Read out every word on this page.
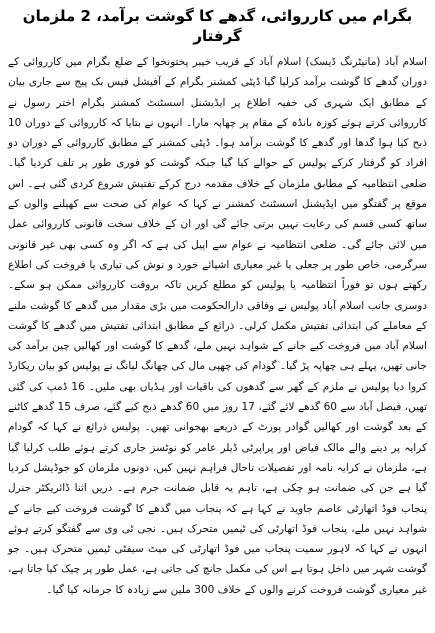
بگرام میں کارروائی، گدھے کا گوشت برآمد، 2 ملزمان گرفتار

اسلام آباد (مانیٹرنگ ڈیسک) اسلام آباد کے قریب خیبر پختونخوا کے ضلع بگرام میں کارروائی کے دوران گدھے کا گوشت برآمد کرلیا گیا ڈپٹی کمشنر بگرام کے آفیشل فیس بک پیج سے جاری بیان کے مطابق ایک شہری کی خفیہ اطلاع پر ایڈیشنل اسسٹنٹ کمشنر بگرام اختر رسول نے کارروائی کرتے ہوئے کوزہ بانڈہ کے مقام پر چھاپہ مارا۔ انہوں نے بتایا کہ کارروائی کے دوران 10 ذبح کیا ہوا گدھا اور گدھے کا گوشت برآمد ہوا۔ ڈپٹی کمشنر کے مطابق کارروائی کے دوران دو افراد کو گرفتار کرکے پولیس کے حوالے کیا گیا جبکہ گوشت کو فوری طور پر تلف کردیا گیا۔ ضلعی انتظامیہ کے مطابق ملزمان کے خلاف مقدمہ درج کرکے تفتیش شروع کردی گئی ہے۔ اس موقع پر گفتگو میں ایڈیشنل اسسٹنٹ کمشنر نے کہا کہ عوام کی صحت سے کھیلنے والوں کے ساتھ کسی قسم کی رعایت نہیں برتی جائے گی اور ان کے خلاف سخت قانونی کارروائی عمل میں لائی جائے گی۔ ضلعی انتظامیہ نے عوام سے اپیل کی ہے کہ اگر وہ کسی بھی غیر قانونی سرگرمی، خاص طور پر جعلی یا غیر معیاری اشیائے خورد و نوش کی تیاری یا فروخت کی اطلاع رکھتے ہوں تو فوراً انتظامیہ یا پولیس کو مطلع کریں تاکہ بروقت کارروائی ممکن ہو سکے۔ دوسری جانب اسلام آباد پولیس نے وفاقی دارالحکومت میں بڑی مقدار میں گدھے کا گوشت ملنے کے معاملے کی ابتدائی تفتیش مکمل کرلی۔ ذرائع کے مطابق ابتدائی تفتیش میں گدھے کا گوشت اسلام آباد میں فروخت کیے جانے کے شواہد نہیں ملے، گدھے کا گوشت اور کھالیں چین برآمد کی جانی تھیں، پہلے ہی چھاپہ پڑ گیا۔ گودام کی چھپی مال کی چھانگ لیانگ نے پولیس کو بیان ریکارڈ کروا دیا پولیس نے ملزم کے گھر سے گدھوں کی باقیات اور ہڈیاں بھی ملیں۔ 16 ڈمپ کی گئی تھیں، فیصل آباد سے 60 گدھے لائے گئے، 17 روز میں 60 گدھے ذبح کیے گئے، صرف 15 گدھے کاٹنے کے بعد گوشت اور کھالیں گوادر پورٹ کے ذریعے بھجوانی تھیں۔ پولیس ذرائع نے کہا کہ گودام کرایہ پر دینے والے مالک فیاض اور پراپرٹی ڈیلر عامر کو نوٹسز جاری کرتے ہوئے طلب کرلیا گیا ہے، ملزمان نے کرایہ نامہ اور تفصیلات تاحال فراہم نہیں کیں، دونوں ملزمان کو جوڈیشل کردیا گیا ہے جن کی ضمانت ہو چکی ہے، تاہم یہ قابل ضمانت جرم ہے۔ دریں اثنا ڈائریکٹر جنرل پنجاب فوڈ اتھارٹی عاصم جاوید نے کہا ہے کہ پنجاب میں گدھے کا گوشت فروخت کیے جانے کے شواہد نہیں ملے، پنجاب فوڈ اتھارٹی کی ٹیمیں متحرک ہیں۔ نجی ٹی وی سے گفتگو کرتے ہوئے انہوں نے کہا کہ لاہور سمیت پنجاب میں فوڈ اتھارٹی کی میٹ سیفٹی ٹیمیں متحرک ہیں۔ جو گوشت شہر میں داخل ہوتا ہے اس کی مکمل جانچ کی جاتی ہے، عمل طور پر چیک کیا جاتا ہے، غیر معیاری گوشت فروخت کرنے والوں کے خلاف 300 ملین سے زیادہ کا جرمانہ کیا گیا۔
